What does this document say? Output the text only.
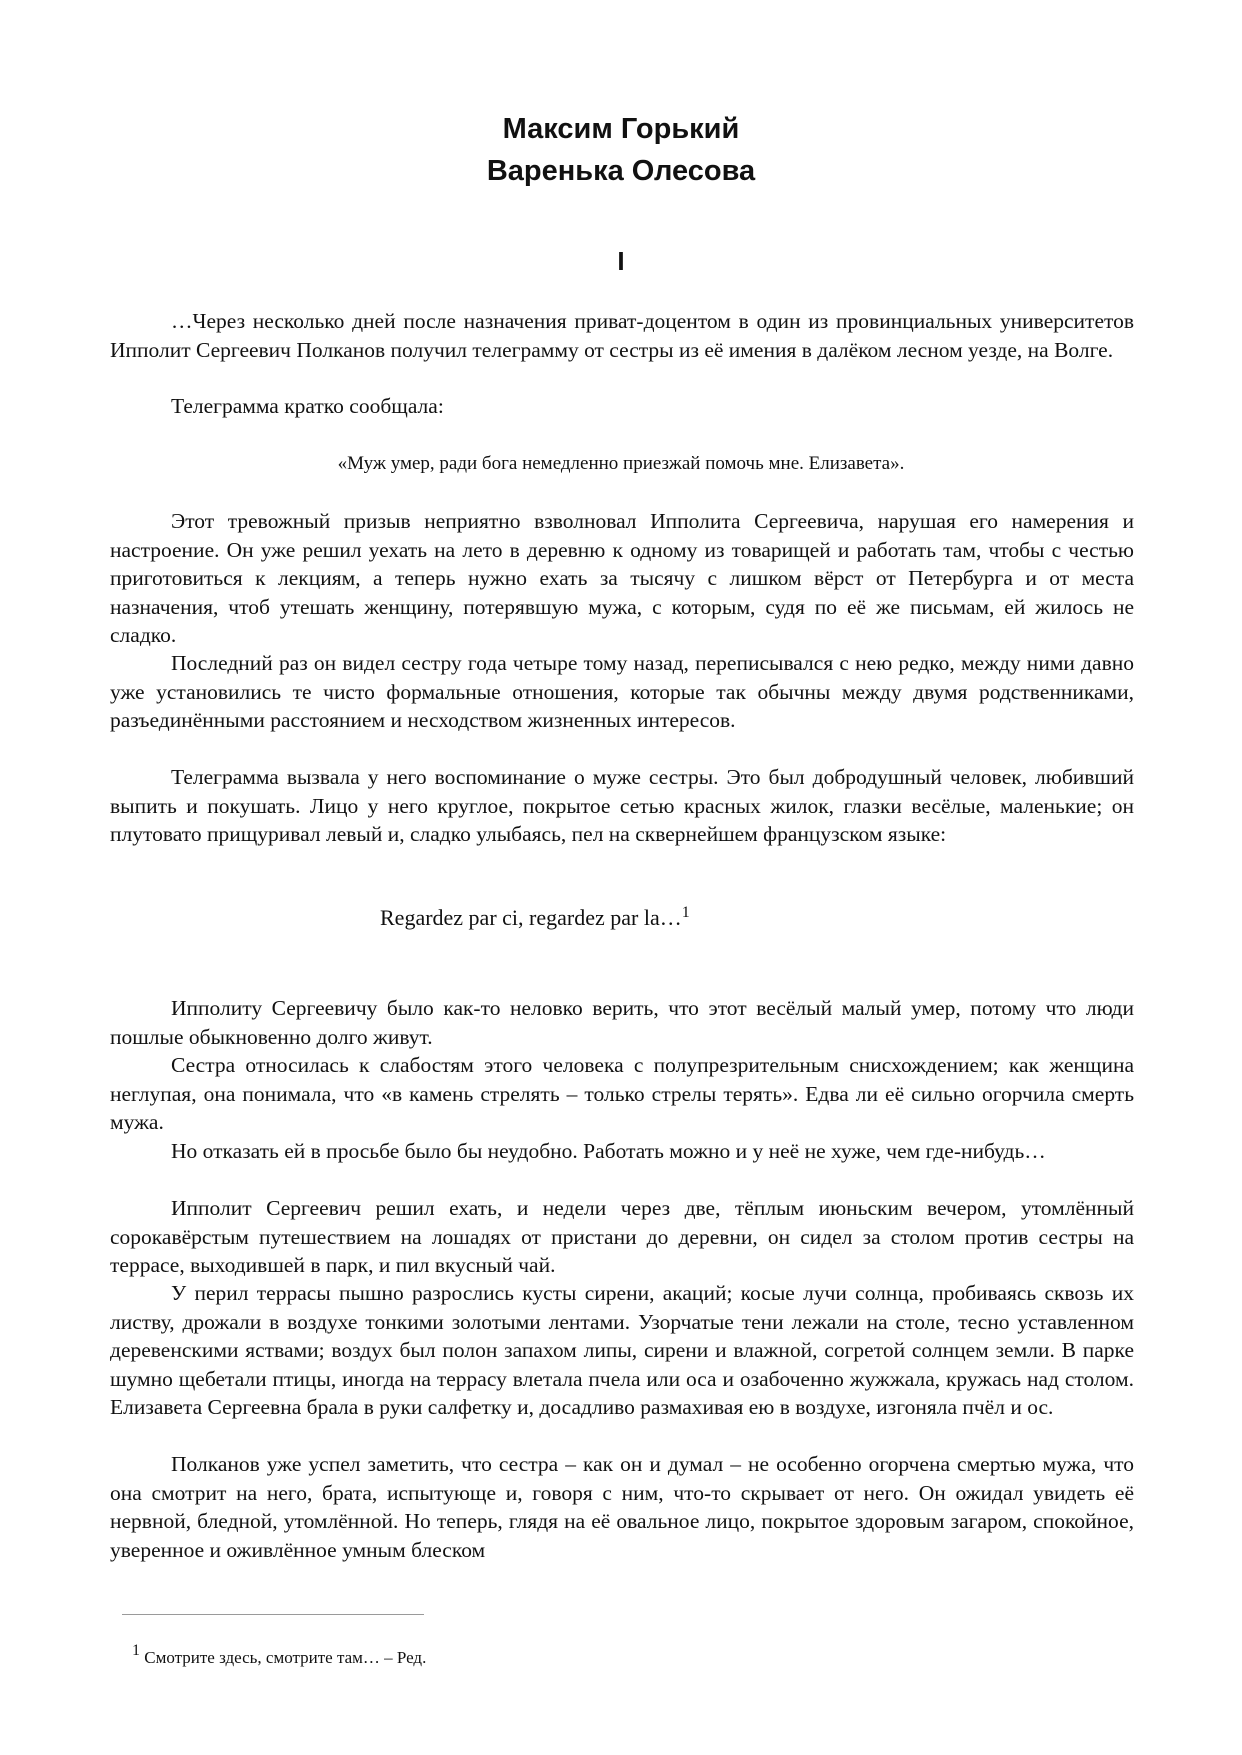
Максим Горький
Варенька Олесова
I

…Через несколько дней после назначения приват-доцентом в один из провинциальных университетов Ипполит Сергеевич Полканов получил телеграмму от сестры из её имения в далёком лесном уезде, на Волге.

Телеграмма кратко сообщала:

«Муж умер, ради бога немедленно приезжай помочь мне. Елизавета».

Этот тревожный призыв неприятно взволновал Ипполита Сергеевича, нарушая его намерения и настроение. Он уже решил уехать на лето в деревню к одному из товарищей и работать там, чтобы с честью приготовиться к лекциям, а теперь нужно ехать за тысячу с лишком вёрст от Петербурга и от места назначения, чтоб утешать женщину, потерявшую мужа, с которым, судя по её же письмам, ей жилось не сладко.

Последний раз он видел сестру года четыре тому назад, переписывался с нею редко, между ними давно уже установились те чисто формальные отношения, которые так обычны между двумя родственниками, разъединёнными расстоянием и несходством жизненных интересов.

Телеграмма вызвала у него воспоминание о муже сестры. Это был добродушный человек, любивший выпить и покушать. Лицо у него круглое, покрытое сетью красных жилок, глазки весёлые, маленькие; он плутовато прищуривал левый и, сладко улыбаясь, пел на сквернейшем французском языке:

Regardez par ci, regardez par la…$^1$

Ипполиту Сергеевичу было как-то неловко верить, что этот весёлый малый умер, потому что люди пошлые обыкновенно долго живут.

Сестра относилась к слабостям этого человека с полупрезрительным снисхождением; как женщина неглупая, она понимала, что «в камень стрелять – только стрелы терять». Едва ли её сильно огорчила смерть мужа.

Но отказать ей в просьбе было бы неудобно. Работать можно и у неё не хуже, чем где-нибудь…

Ипполит Сергеевич решил ехать, и недели через две, тёплым июньским вечером, утомлённый сорокавёрстым путешествием на лошадях от пристани до деревни, он сидел за столом против сестры на террасе, выходившей в парк, и пил вкусный чай.

У перил террасы пышно разрослись кусты сирени, акаций; косые лучи солнца, пробиваясь сквозь их листву, дрожали в воздухе тонкими золотыми лентами. Узорчатые тени лежали на столе, тесно уставленном деревенскими яствами; воздух был полон запахом липы, сирени и влажной, согретой солнцем земли. В парке шумно щебетали птицы, иногда на террасу влетала пчела или оса и озабоченно жужжала, кружась над столом. Елизавета Сергеевна брала в руки салфетку и, досадливо размахивая ею в воздухе, изгоняла пчёл и ос.

Полканов уже успел заметить, что сестра – как он и думал – не особенно огорчена смертью мужа, что она смотрит на него, брата, испытующе и, говоря с ним, что-то скрывает от него. Он ожидал увидеть её нервной, бледной, утомлённой. Но теперь, глядя на её овальное лицо, покрытое здоровым загаром, спокойное, уверенное и оживлённое умным блеском

$^1$ Смотрите здесь, смотрите там… – Ред.
